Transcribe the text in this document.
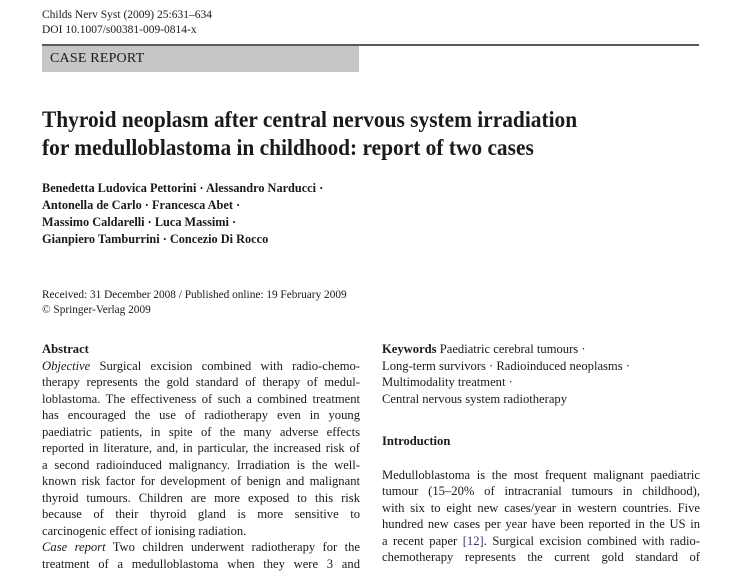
Childs Nerv Syst (2009) 25:631–634
DOI 10.1007/s00381-009-0814-x
CASE REPORT
Thyroid neoplasm after central nervous system irradiation
for medulloblastoma in childhood: report of two cases
Benedetta Ludovica Pettorini · Alessandro Narducci ·
Antonella de Carlo · Francesca Abet ·
Massimo Caldarelli · Luca Massimi ·
Gianpiero Tamburrini · Concezio Di Rocco
Received: 31 December 2008 / Published online: 19 February 2009
© Springer-Verlag 2009
Abstract
Objective Surgical excision combined with radio-chemo-
therapy represents the gold standard of therapy of medul-
loblastoma. The effectiveness of such a combined treatment
has encouraged the use of radiotherapy even in young
paediatric patients, in spite of the many adverse effects
reported in literature, and, in particular, the increased risk of
a second radioinduced malignancy. Irradiation is the well-
known risk factor for development of benign and malignant
thyroid tumours. Children are more exposed to this risk
because of their thyroid gland is more sensitive to
carcinogenic effect of ionising radiation.
Case report Two children underwent radiotherapy for the
treatment of a medulloblastoma when they were 3 and
Keywords Paediatric cerebral tumours ·
Long-term survivors · Radioinduced neoplasms ·
Multimodality treatment ·
Central nervous system radiotherapy
Introduction
Medulloblastoma is the most frequent malignant paediatric
tumour (15–20% of intracranial tumours in childhood),
with six to eight new cases/year in western countries. Five
hundred new cases per year have been reported in the US in
a recent paper [12]. Surgical excision combined with radio-
chemotherapy represents the current gold standard of
